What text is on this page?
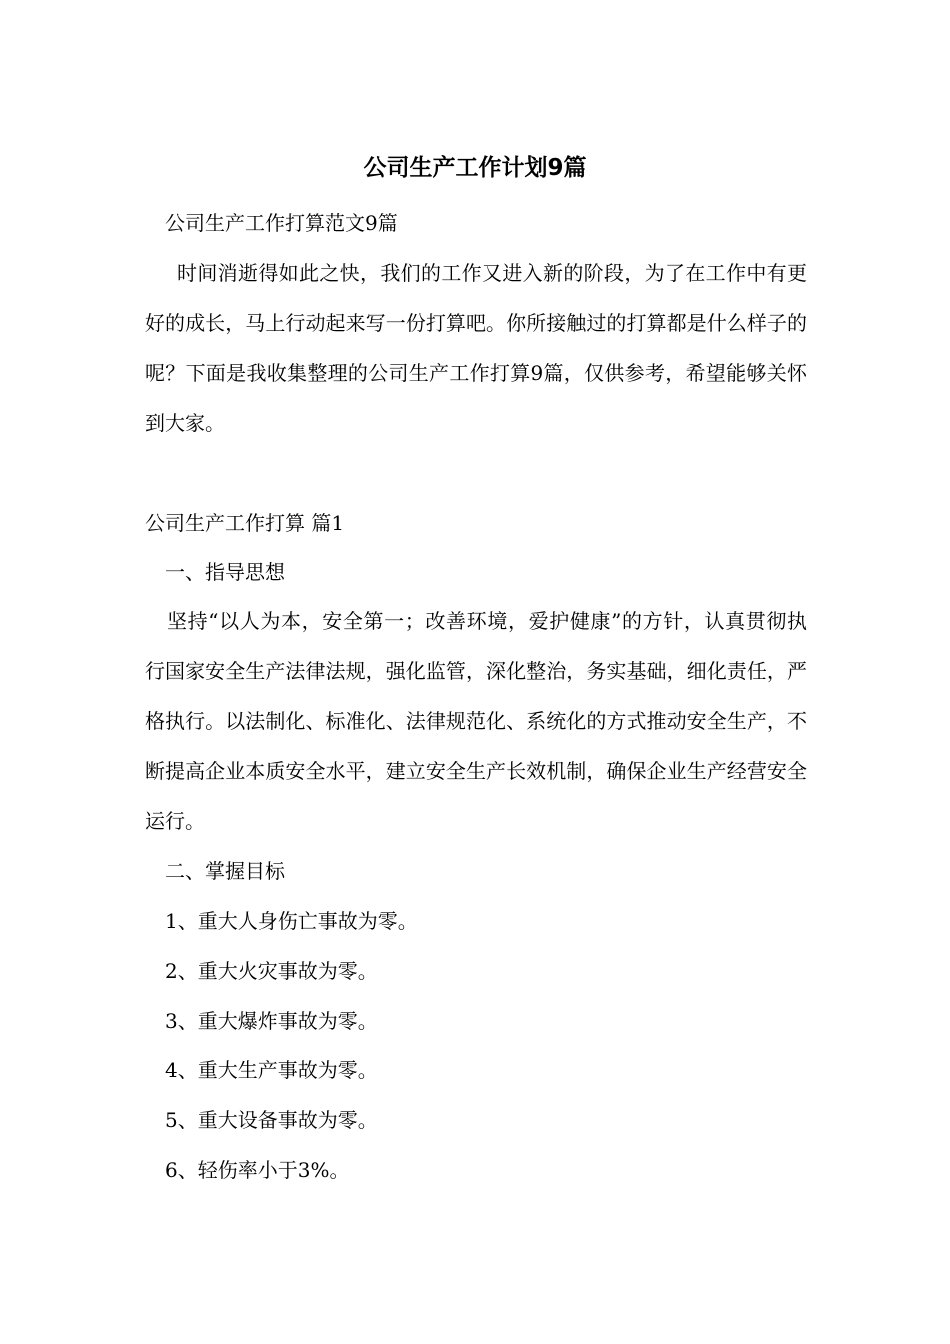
公司生产工作计划9篇

公司生产工作打算范文9篇

时间消逝得如此之快，我们的工作又进入新的阶段，为了在工作中有更好的成长，马上行动起来写一份打算吧。你所接触过的打算都是什么样子的呢？下面是我收集整理的公司生产工作打算9篇，仅供参考，希望能够关怀到大家。

公司生产工作打算 篇1

一、指导思想

坚持“以人为本，安全第一；改善环境，爱护健康”的方针，认真贯彻执行国家安全生产法律法规，强化监管，深化整治，务实基础，细化责任，严格执行。以法制化、标准化、法律规范化、系统化的方式推动安全生产，不断提高企业本质安全水平，建立安全生产长效机制，确保企业生产经营安全运行。

二、掌握目标

1、重大人身伤亡事故为零。

2、重大火灾事故为零。

3、重大爆炸事故为零。

4、重大生产事故为零。

5、重大设备事故为零。

6、轻伤率小于3%。
